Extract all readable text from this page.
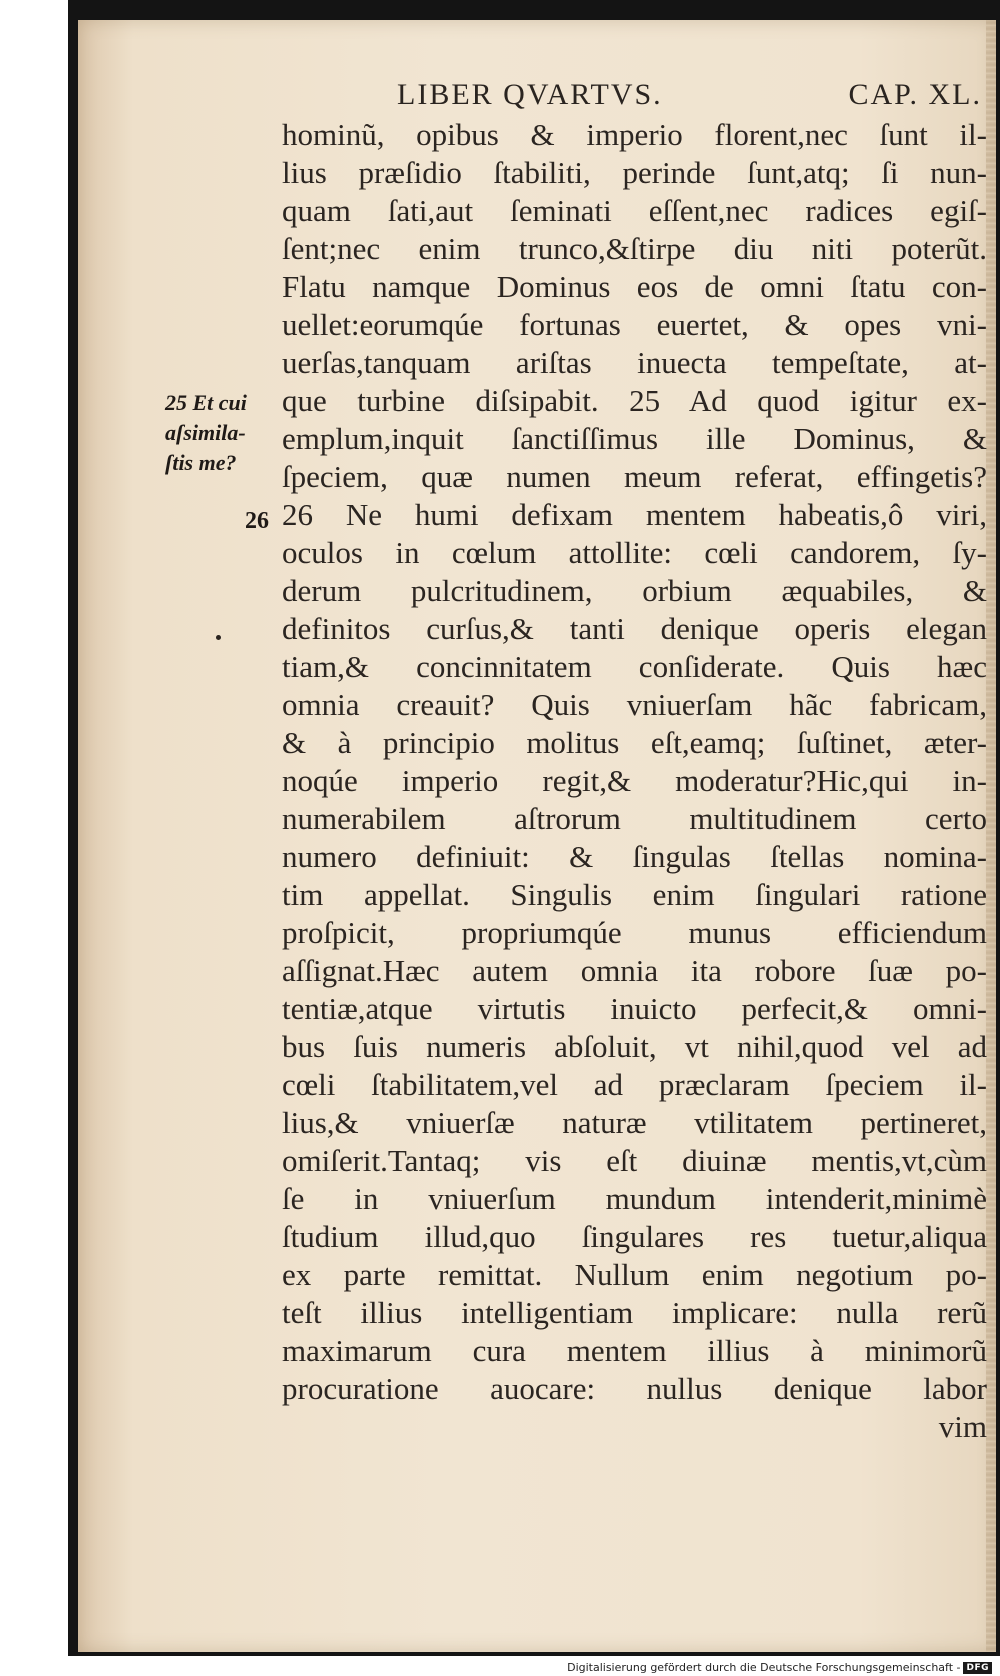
LIBER QVARTVS.	CAP. XL.
25 Et cui
aſsimila-
ſtis me?
26
hominũ, opibus & imperio florent,nec ſunt il-
lius præſidio ſtabiliti, perinde ſunt,atq; ſi nun-
quam ſati,aut ſeminati eſſent,nec radices egiſ-
ſent;nec enim trunco,&ſtirpe diu niti poterũt.
Flatu namque Dominus eos de omni ſtatu con-
uellet:eorumqúe fortunas euertet, & opes vni-
uerſas,tanquam ariſtas inuecta tempeſtate, at-
que turbine diſsipabit. 25 Ad quod igitur ex-
emplum,inquit ſanctiſſimus ille Dominus, &
ſpeciem, quæ numen meum referat, effingetis?
26 Ne humi defixam mentem habeatis,ô viri,
oculos in cœlum attollite: cœli candorem, ſy-
derum pulcritudinem, orbium æquabiles, &
definitos curſus,& tanti denique operis elegan
tiam,& concinnitatem conſiderate. Quis hæc
omnia creauit? Quis vniuerſam hãc fabricam,
& à principio molitus eſt,eamq; ſuſtinet, æter-
noqúe imperio regit,& moderatur?Hic,qui in-
numerabilem aſtrorum multitudinem certo
numero definiuit: & ſingulas ſtellas nomina-
tim appellat. Singulis enim ſingulari ratione
proſpicit, propriumqúe munus efficiendum
aſſignat.Hæc autem omnia ita robore ſuæ po-
tentiæ,atque virtutis inuicto perfecit,& omni-
bus ſuis numeris abſoluit, vt nihil,quod vel ad
cœli ſtabilitatem,vel ad præclaram ſpeciem il-
lius,& vniuerſæ naturæ vtilitatem pertineret,
omiſerit.Tantaq; vis eſt diuinæ mentis,vt,cùm
ſe in vniuerſum mundum intenderit,minimè
ſtudium illud,quo ſingulares res tuetur,aliqua
ex parte remittat. Nullum enim negotium po-
teſt illius intelligentiam implicare: nulla rerũ
maximarum cura mentem illius à minimorũ
procuratione auocare: nullus denique labor
vim
Digitalisierung gefördert durch die Deutsche Forschungsgemeinschaft - DFG
